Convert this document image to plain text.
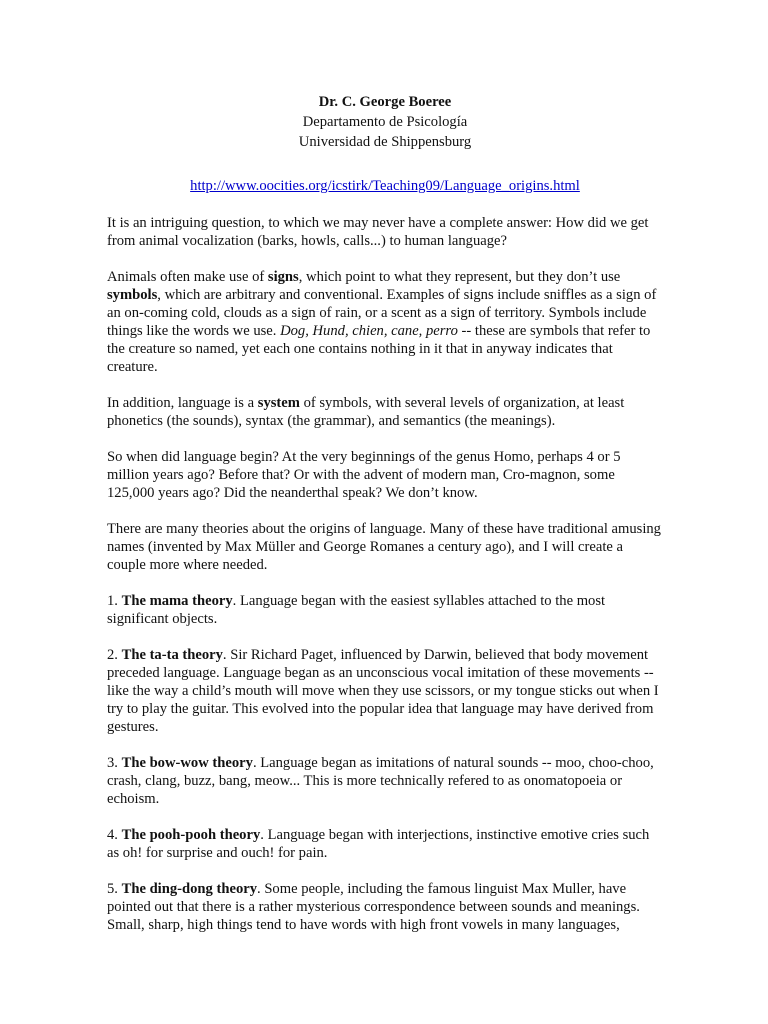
Dr. C. George Boeree
Departamento de Psicología
Universidad de Shippensburg
http://www.oocities.org/icstirk/Teaching09/Language_origins.html

It is an intriguing question, to which we may never have a complete answer: How did we get from animal vocalization (barks, howls, calls...) to human language?

Animals often make use of signs, which point to what they represent, but they don’t use symbols, which are arbitrary and conventional. Examples of signs include sniffles as a sign of an on-coming cold, clouds as a sign of rain, or a scent as a sign of territory. Symbols include things like the words we use. Dog, Hund, chien, cane, perro -- these are symbols that refer to the creature so named, yet each one contains nothing in it that in anyway indicates that creature.

In addition, language is a system of symbols, with several levels of organization, at least phonetics (the sounds), syntax (the grammar), and semantics (the meanings).

So when did language begin? At the very beginnings of the genus Homo, perhaps 4 or 5 million years ago? Before that? Or with the advent of modern man, Cro-magnon, some 125,000 years ago? Did the neanderthal speak? We don’t know.

There are many theories about the origins of language. Many of these have traditional amusing names (invented by Max Müller and George Romanes a century ago), and I will create a couple more where needed.

1. The mama theory. Language began with the easiest syllables attached to the most significant objects.

2. The ta-ta theory. Sir Richard Paget, influenced by Darwin, believed that body movement preceded language. Language began as an unconscious vocal imitation of these movements -- like the way a child’s mouth will move when they use scissors, or my tongue sticks out when I try to play the guitar. This evolved into the popular idea that language may have derived from gestures.

3. The bow-wow theory. Language began as imitations of natural sounds -- moo, choo-choo, crash, clang, buzz, bang, meow... This is more technically refered to as onomatopoeia or echoism.

4. The pooh-pooh theory. Language began with interjections, instinctive emotive cries such as oh! for surprise and ouch! for pain.

5. The ding-dong theory. Some people, including the famous linguist Max Muller, have pointed out that there is a rather mysterious correspondence between sounds and meanings. Small, sharp, high things tend to have words with high front vowels in many languages,
